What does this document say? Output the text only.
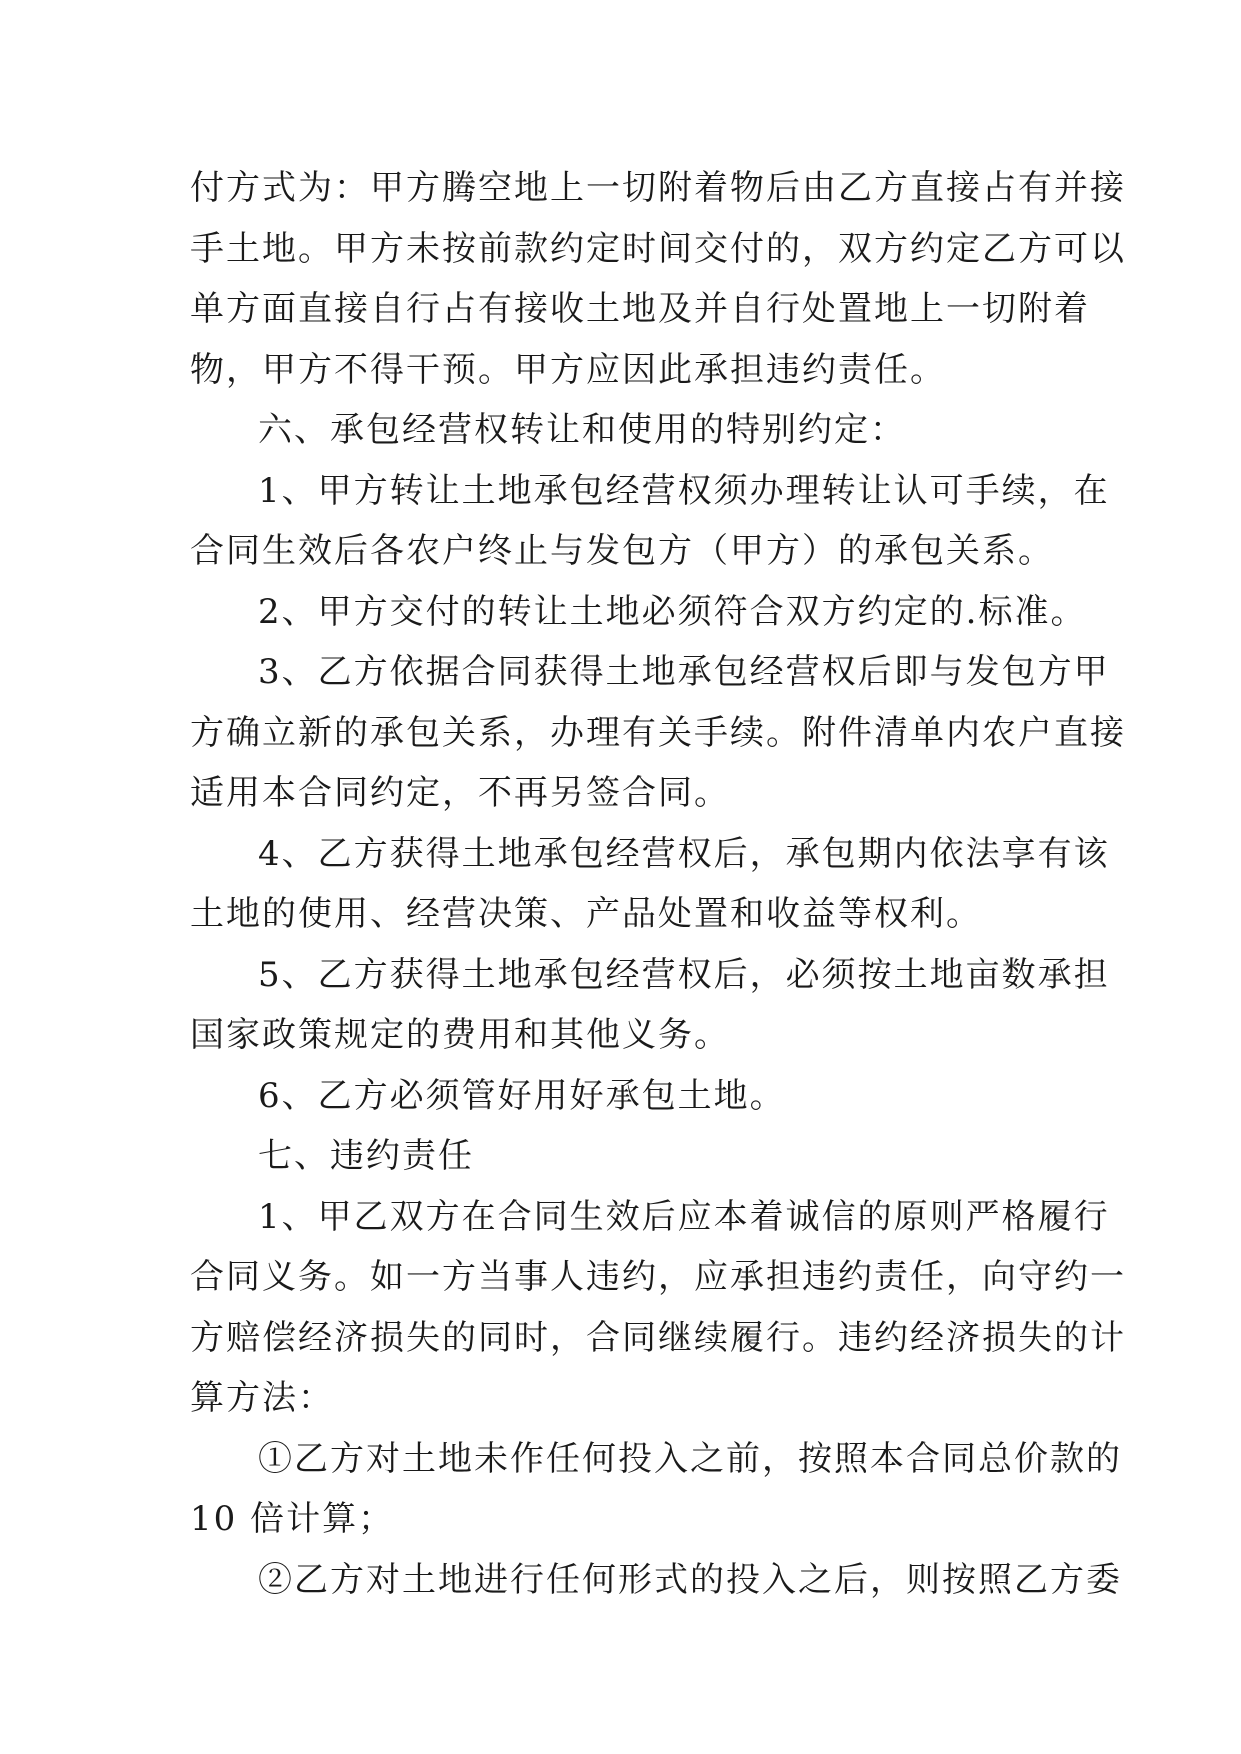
付方式为：甲方腾空地上一切附着物后由乙方直接占有并接
手土地。甲方未按前款约定时间交付的，双方约定乙方可以
单方面直接自行占有接收土地及并自行处置地上一切附着
物，甲方不得干预。甲方应因此承担违约责任。
六、承包经营权转让和使用的特别约定：
1、甲方转让土地承包经营权须办理转让认可手续，在
合同生效后各农户终止与发包方（甲方）的承包关系。
2、甲方交付的转让土地必须符合双方约定的.标准。
3、乙方依据合同获得土地承包经营权后即与发包方甲
方确立新的承包关系，办理有关手续。附件清单内农户直接
适用本合同约定，不再另签合同。
4、乙方获得土地承包经营权后，承包期内依法享有该
土地的使用、经营决策、产品处置和收益等权利。
5、乙方获得土地承包经营权后，必须按土地亩数承担
国家政策规定的费用和其他义务。
6、乙方必须管好用好承包土地。
七、违约责任
1、甲乙双方在合同生效后应本着诚信的原则严格履行
合同义务。如一方当事人违约，应承担违约责任，向守约一
方赔偿经济损失的同时，合同继续履行。违约经济损失的计
算方法：
①乙方对土地未作任何投入之前，按照本合同总价款的
10 倍计算；
②乙方对土地进行任何形式的投入之后，则按照乙方委
